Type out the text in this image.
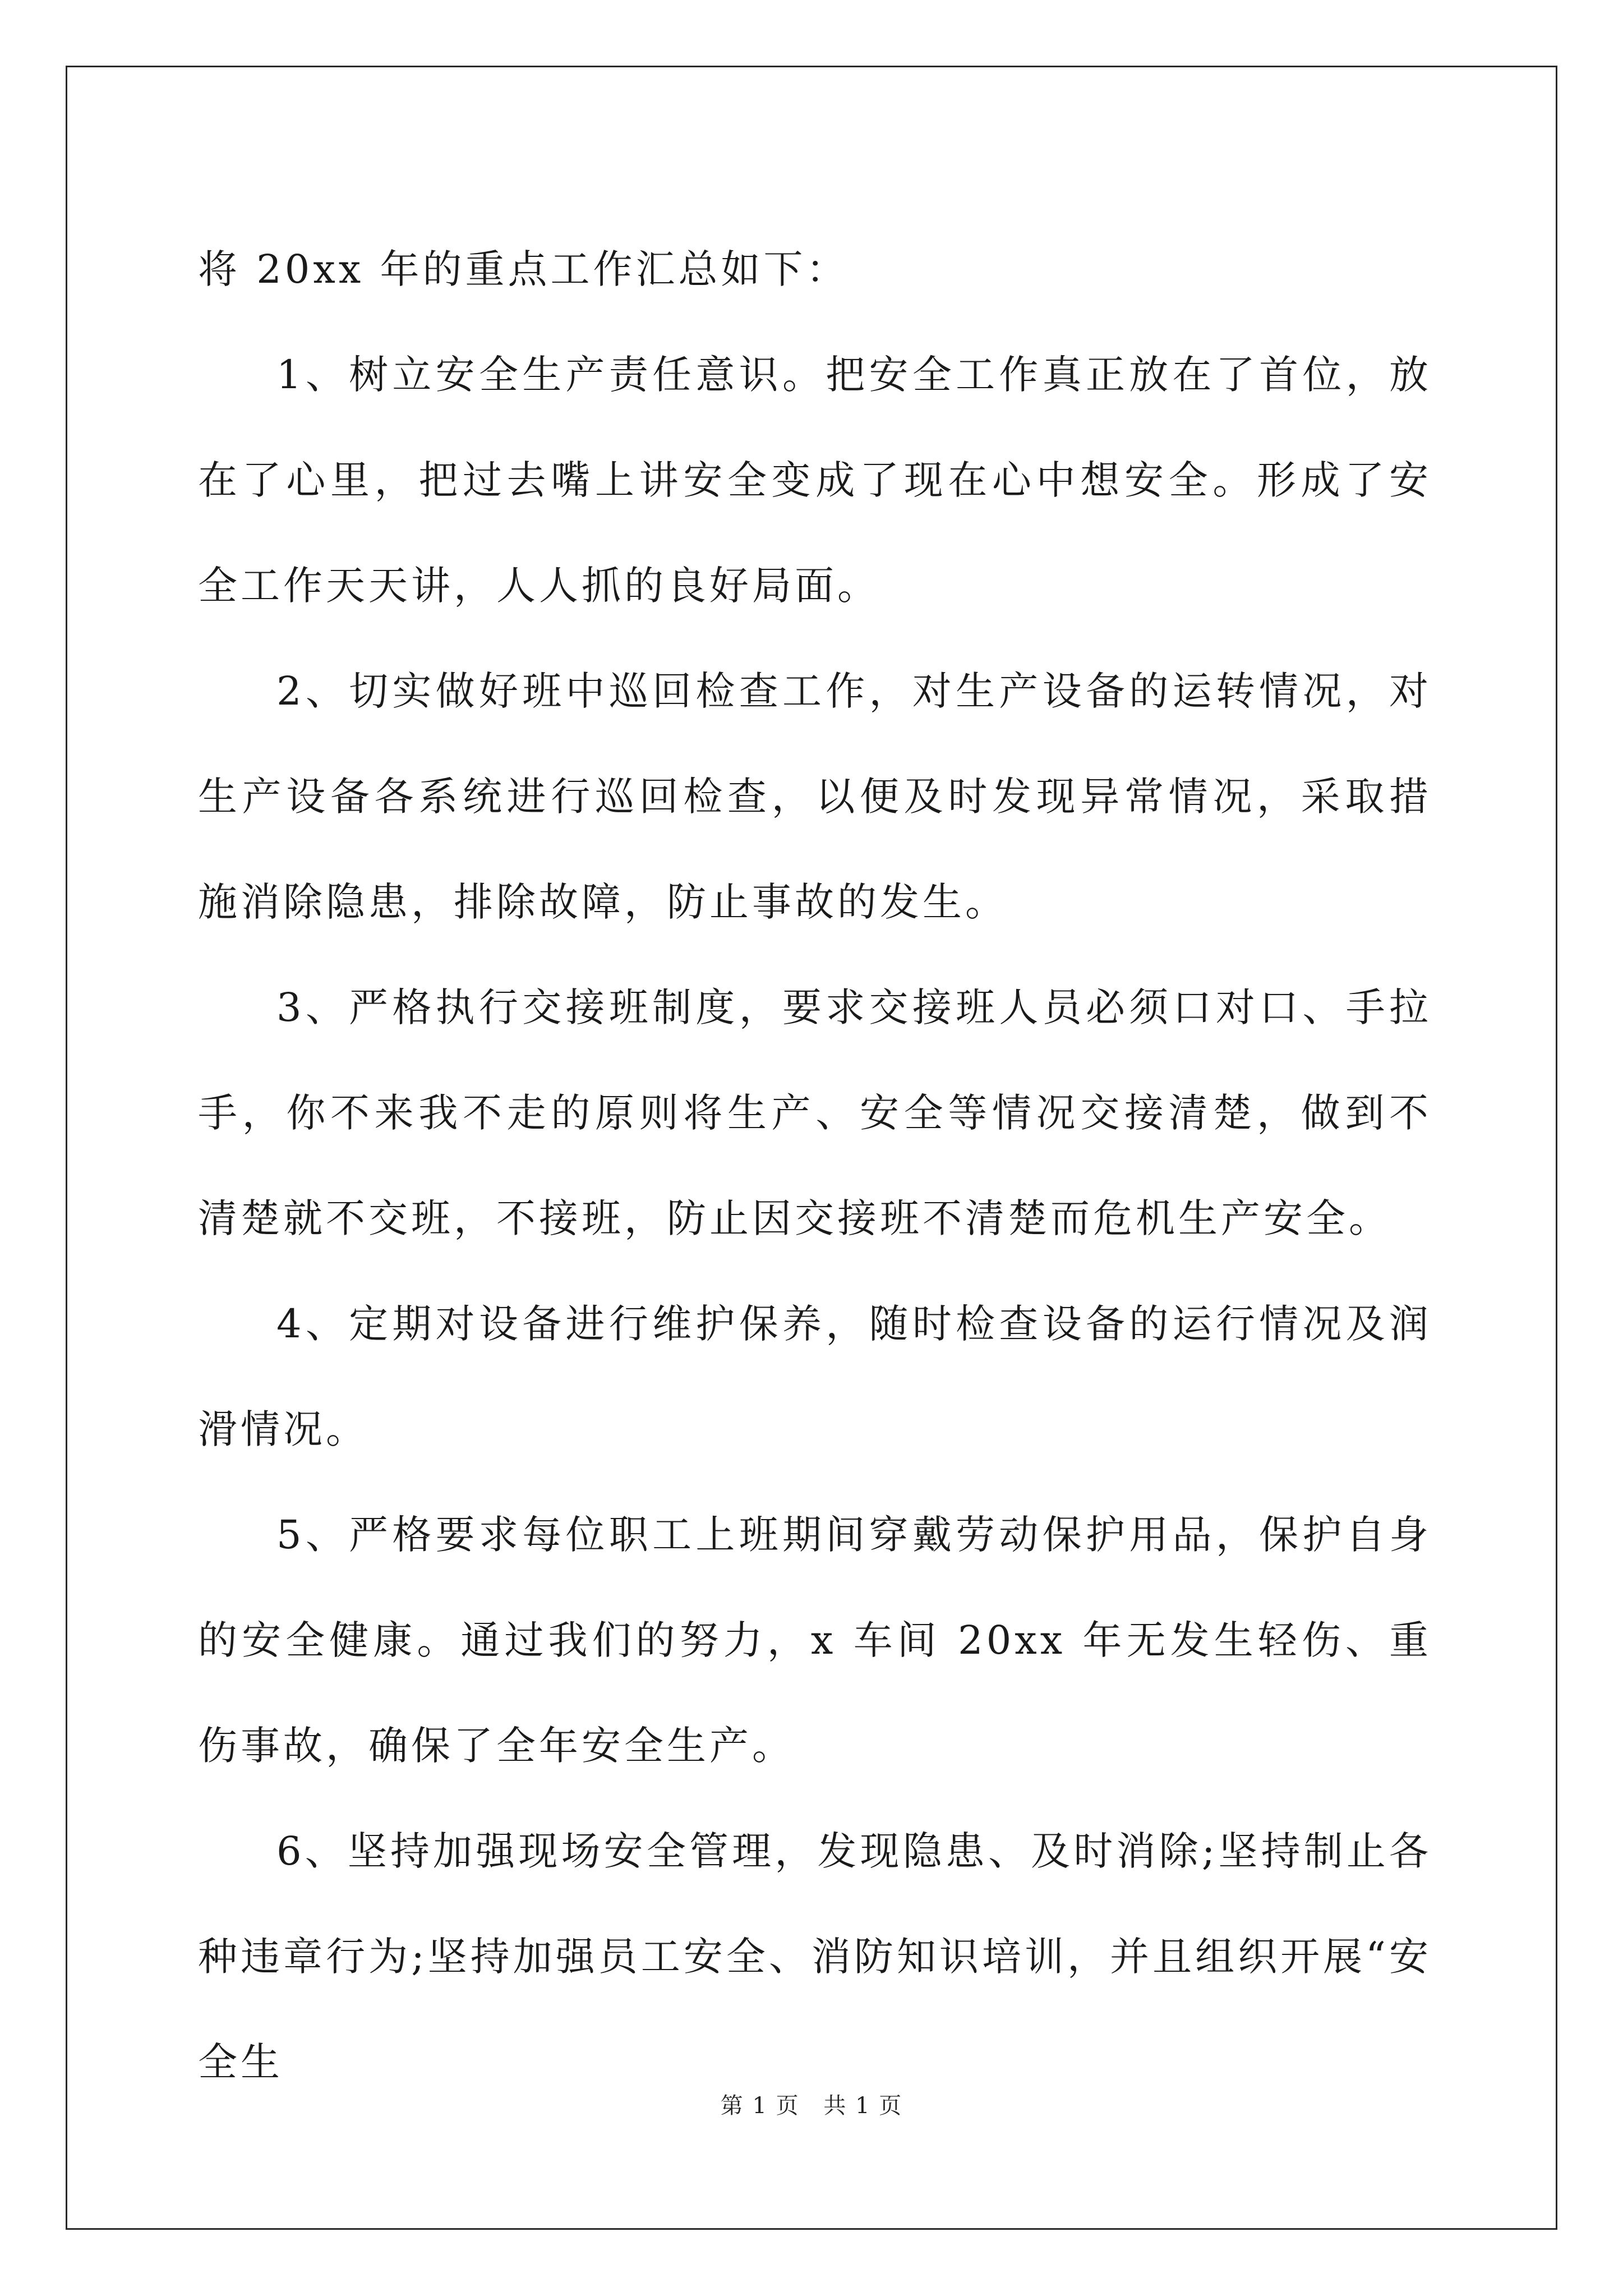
将 20xx 年的重点工作汇总如下：

1、树立安全生产责任意识。把安全工作真正放在了首位，放在了心里，把过去嘴上讲安全变成了现在心中想安全。形成了安全工作天天讲，人人抓的良好局面。

2、切实做好班中巡回检查工作，对生产设备的运转情况，对生产设备各系统进行巡回检查，以便及时发现异常情况，采取措施消除隐患，排除故障，防止事故的发生。

3、严格执行交接班制度，要求交接班人员必须口对口、手拉手，你不来我不走的原则将生产、安全等情况交接清楚，做到不清楚就不交班，不接班，防止因交接班不清楚而危机生产安全。

4、定期对设备进行维护保养，随时检查设备的运行情况及润滑情况。

5、严格要求每位职工上班期间穿戴劳动保护用品，保护自身的安全健康。通过我们的努力，x 车间 20xx 年无发生轻伤、重伤事故，确保了全年安全生产。

6、坚持加强现场安全管理，发现隐患、及时消除;坚持制止各种违章行为;坚持加强员工安全、消防知识培训，并且组织开展“安全生

第 1 页 共 1 页
